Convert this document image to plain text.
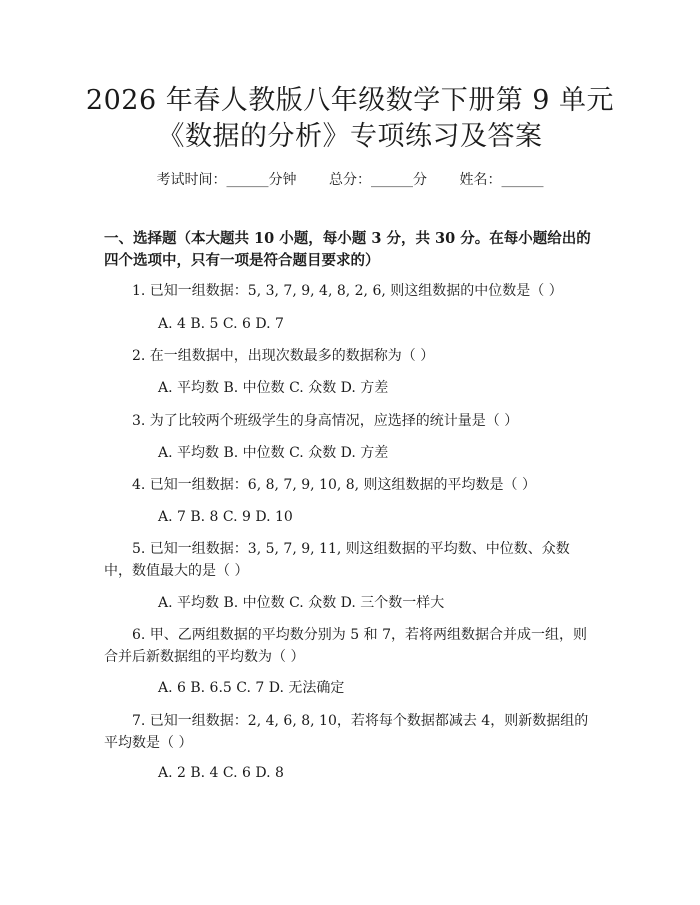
2026 年春人教版八年级数学下册第 9 单元
《数据的分析》专项练习及答案
考试时间：______分钟 总分：______分 姓名：______
一、选择题（本大题共 10 小题，每小题 3 分，共 30 分。在每小题给出的四个选项中，只有一项是符合题目要求的）
1. 已知一组数据：5, 3, 7, 9, 4, 8, 2, 6, 则这组数据的中位数是（ ）
A. 4 B. 5 C. 6 D. 7
2. 在一组数据中，出现次数最多的数据称为（ ）
A. 平均数 B. 中位数 C. 众数 D. 方差
3. 为了比较两个班级学生的身高情况，应选择的统计量是（ ）
A. 平均数 B. 中位数 C. 众数 D. 方差
4. 已知一组数据：6, 8, 7, 9, 10, 8, 则这组数据的平均数是（ ）
A. 7 B. 8 C. 9 D. 10
5. 已知一组数据：3, 5, 7, 9, 11, 则这组数据的平均数、中位数、众数中，数值最大的是（ ）
A. 平均数 B. 中位数 C. 众数 D. 三个数一样大
6. 甲、乙两组数据的平均数分别为 5 和 7，若将两组数据合并成一组，则合并后新数据组的平均数为（ ）
A. 6 B. 6.5 C. 7 D. 无法确定
7. 已知一组数据：2, 4, 6, 8, 10，若将每个数据都减去 4，则新数据组的平均数是（ ）
A. 2 B. 4 C. 6 D. 8
